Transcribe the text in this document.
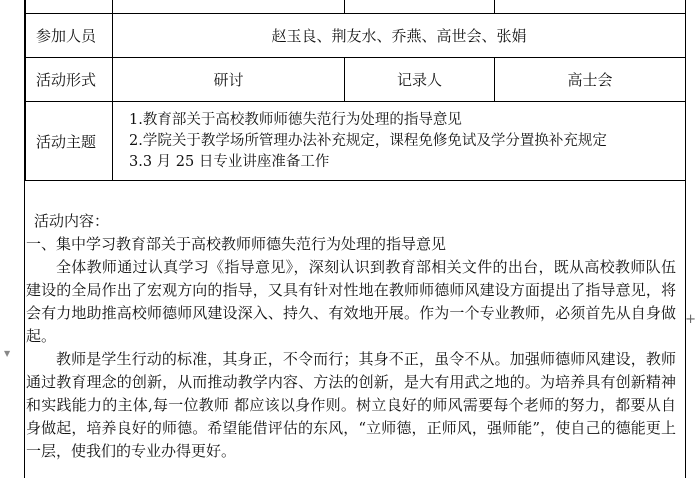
参加人员	赵玉良、荆友水、乔燕、高世会、张娟		
活动形式	研讨	记录人	高士会
活动主题	1.教育部关于高校教师师德失范行为处理的指导意见
2.学院关于教学场所管理办法补充规定，课程免修免试及学分置换补充规定
3.3 月 25 日专业讲座准备工作		

活动内容：

一、集中学习教育部关于高校教师师德失范行为处理的指导意见

全体教师通过认真学习《指导意见》，深刻认识到教育部相关文件的出台，既从高校教师队伍建设的全局作出了宏观方向的指导，又具有针对性地在教师师德师风建设方面提出了指导意见，将会有力地助推高校师德师风建设深入、持久、有效地开展。作为一个专业教师，必须首先从自身做起。

教师是学生行动的标准，其身正，不令而行；其身不正，虽令不从。加强师德师风建设，教师通过教育理念的创新，从而推动教学内容、方法的创新，是大有用武之地的。为培养具有创新精神和实践能力的主体,每一位教师 都应该以身作则。树立良好的师风需要每个老师的努力，都要从自身做起，培养良好的师德。希望能借评估的东风，“立师德，正师风，强师能”，使自己的德能更上一层，使我们的专业办得更好。

+
▼
